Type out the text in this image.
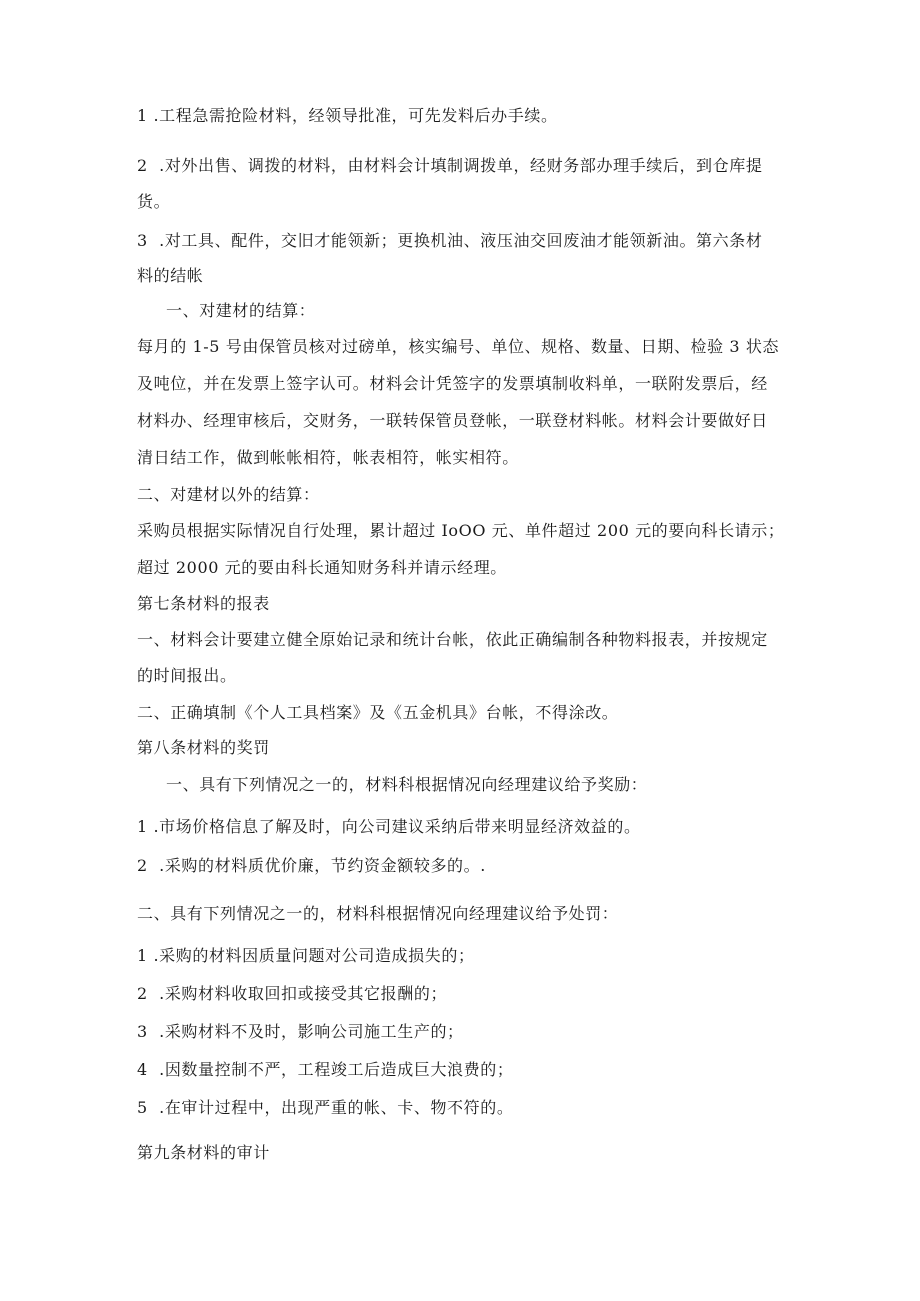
1 .工程急需抢险材料，经领导批准，可先发料后办手续。
2  .对外出售、调拨的材料，由材料会计填制调拨单，经财务部办理手续后，到仓库提
货。
3  .对工具、配件，交旧才能领新；更换机油、液压油交回废油才能领新油。第六条材
料的结帐
一、对建材的结算：
每月的 1-5 号由保管员核对过磅单，核实编号、单位、规格、数量、日期、检验 3 状态
及吨位，并在发票上签字认可。材料会计凭签字的发票填制收料单，一联附发票后，经
材料办、经理审核后，交财务，一联转保管员登帐，一联登材料帐。材料会计要做好日
清日结工作，做到帐帐相符，帐表相符，帐实相符。
二、对建材以外的结算：
采购员根据实际情况自行处理，累计超过 IoOO 元、单件超过 200 元的要向科长请示；
超过 2000 元的要由科长通知财务科并请示经理。
第七条材料的报表
一、材料会计要建立健全原始记录和统计台帐，依此正确编制各种物料报表，并按规定
的时间报出。
二、正确填制《个人工具档案》及《五金机具》台帐，不得涂改。
第八条材料的奖罚
一、具有下列情况之一的，材料科根据情况向经理建议给予奖励：
1 .市场价格信息了解及时，向公司建议采纳后带来明显经济效益的。
2  .采购的材料质优价廉，节约资金额较多的。.
二、具有下列情况之一的，材料科根据情况向经理建议给予处罚：
1 .采购的材料因质量问题对公司造成损失的；
2  .采购材料收取回扣或接受其它报酬的；
3  .采购材料不及时，影响公司施工生产的；
4  .因数量控制不严，工程竣工后造成巨大浪费的；
5  .在审计过程中，出现严重的帐、卡、物不符的。
第九条材料的审计
